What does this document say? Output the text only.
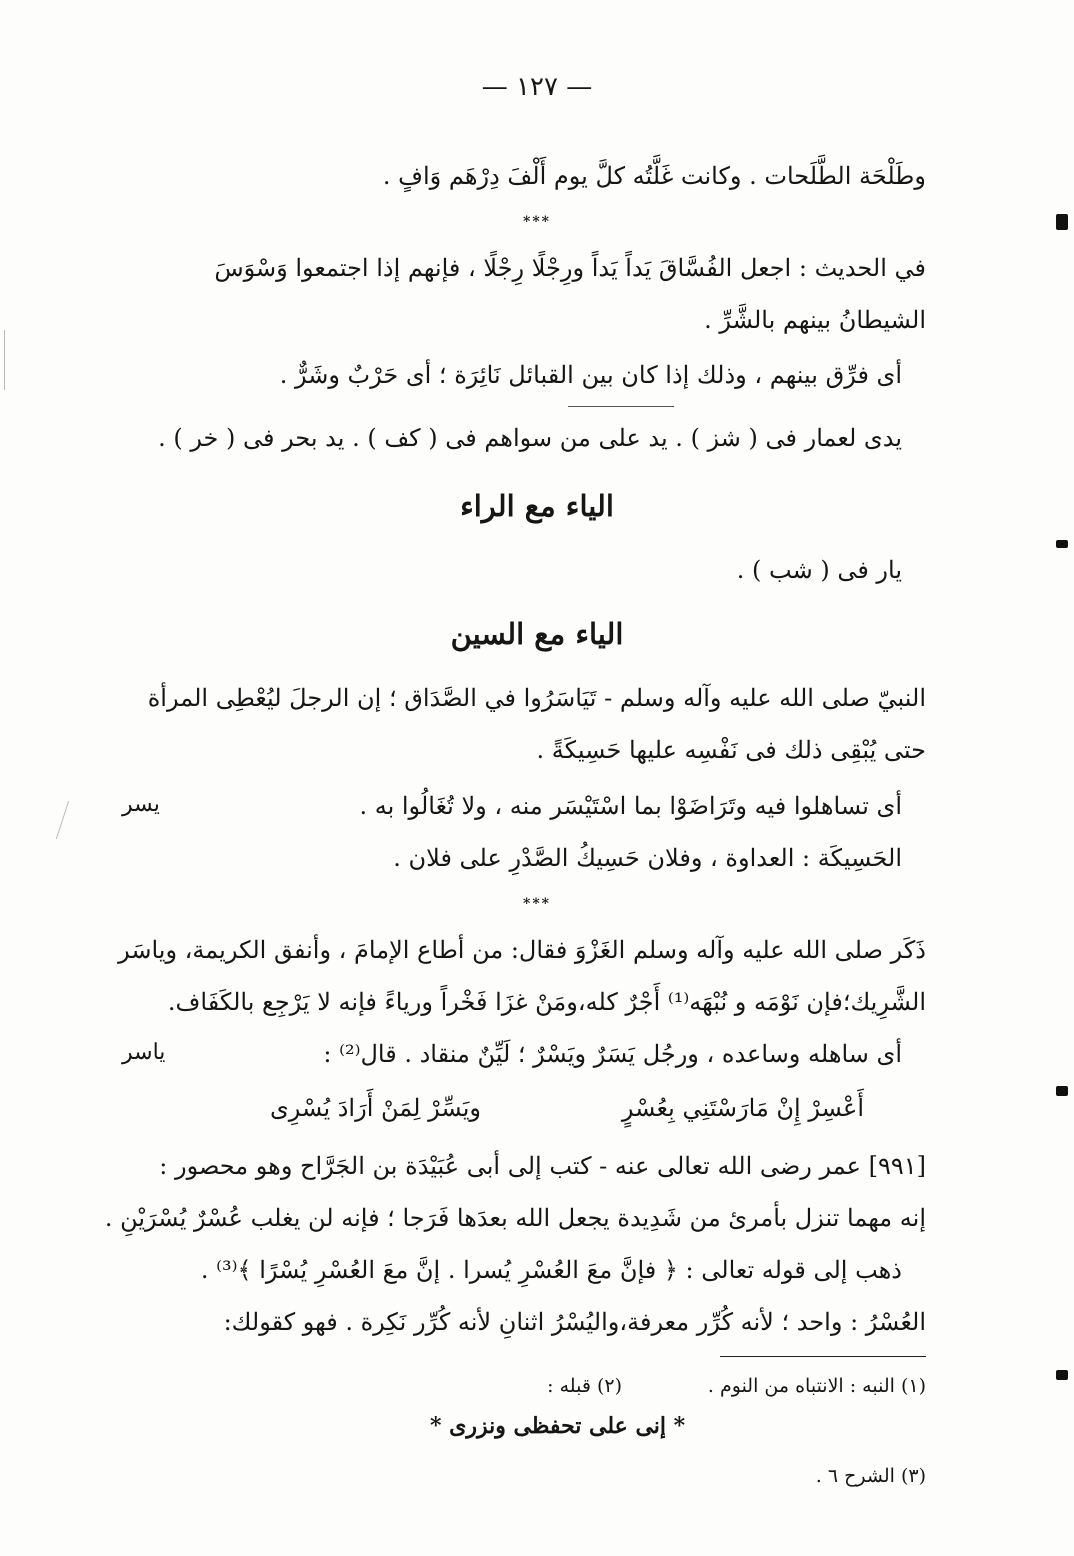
— ١٢٧ —
وطَلْحَة الطَّلَحات . وكانت غَلَّتُه كلَّ يوم أَلْفَ دِرْهَم وَافٍ .
***
في الحديث : اجعل الفُسَّاقَ يَداً يَداً ورِجْلًا رِجْلًا ، فإنهم إذا اجتمعوا وَسْوَسَ
الشيطانُ بينهم بالشَّرِّ .
أى فرِّق بينهم ، وذلك إذا كان بين القبائل نَائِرَة ؛ أى حَرْبٌ وشَرٌّ .
يدى لعمار فى ( شز ) . يد على من سواهم فى ( كف ) . يد بحر فى ( خر ) .
الياء مع الراء
يار فى ( شب ) .
الياء مع السين
النبيّ صلى الله عليه وآله وسلم - تَيَاسَرُوا في الصَّدَاق ؛ إن الرجلَ ليُعْطِى المرأة
حتى يُبْقِى ذلك فى نَفْسِه عليها حَسِيكَةً .
أى تساهلوا فيه وتَرَاضَوْا بما اسْتَيْسَر منه ، ولا تُغَالُوا به .
يسر
الحَسِيكَة : العداوة ، وفلان حَسِيكُ الصَّدْرِ على فلان .
***
ذَكَر صلى الله عليه وآله وسلم الغَزْوَ فقال: من أطاع الإمامَ ، وأنفق الكريمة، وياسَر
الشَّرِيك؛فإن نَوْمَه و نُبْهَه⁽¹⁾ أَجْرٌ كله،ومَنْ غزَا فَخْراً ورياءً فإنه لا يَرْجِع بالكَفَاف.
أى ساهله وساعده ، ورجُل يَسَرٌ ويَسْرٌ ؛ لَيِّنٌ منقاد . قال⁽²⁾ :
ياسر
أَعْسِرْ إِنْ مَارَسْتَنِي بِعُسْرٍ
ويَسِّرْ لِمَنْ أَرَادَ يُسْرِى
[٩٩١] عمر رضى الله تعالى عنه - كتب إلى أبى عُبَيْدَة بن الجَرَّاح وهو محصور :
إنه مهما تنزل بأمرئ من شَدِيدة يجعل الله بعدَها فَرَجا ؛ فإنه لن يغلب عُسْرٌ يُسْرَيْنِ .
ذهب إلى قوله تعالى : ﴿ فإنَّ معَ العُسْرِ يُسرا . إنَّ معَ العُسْرِ يُسْرًا ﴾⁽³⁾ .
العُسْرُ : واحد ؛ لأنه كُرِّر معرفة،واليُسْرُ اثنانِ لأنه كُرِّر نَكِرة . فهو كقولك:
(١) النبه : الانتباه من النوم .
(٢) قبله :
* إنى على تحفظى ونزرى *
(٣) الشرح ٦ .
